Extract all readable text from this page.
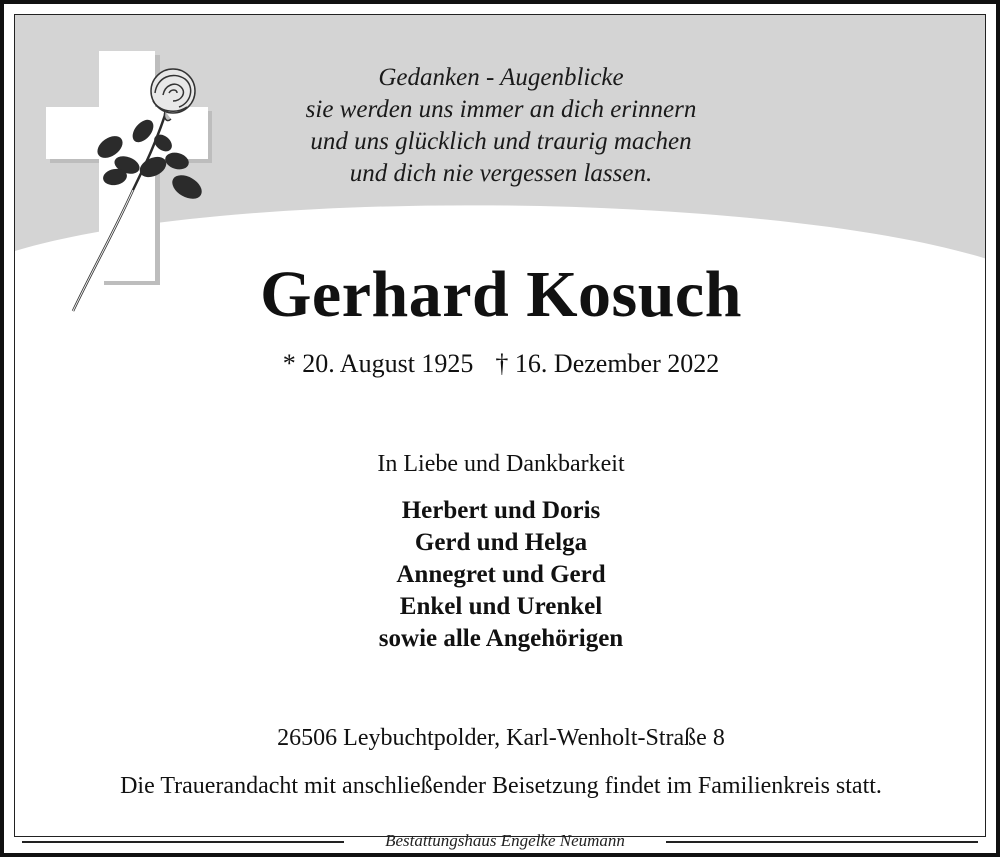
Gedanken - Augenblicke
sie werden uns immer an dich erinnern
und uns glücklich und traurig machen
und dich nie vergessen lassen.
Gerhard Kosuch
* 20. August 1925 † 16. Dezember 2022
In Liebe und Dankbarkeit
Herbert und Doris
Gerd und Helga
Annegret und Gerd
Enkel und Urenkel
sowie alle Angehörigen
26506 Leybuchtpolder, Karl-Wenholt-Straße 8
Die Trauerandacht mit anschließender Beisetzung findet im Familienkreis statt.
Bestattungshaus Engelke Neumann
